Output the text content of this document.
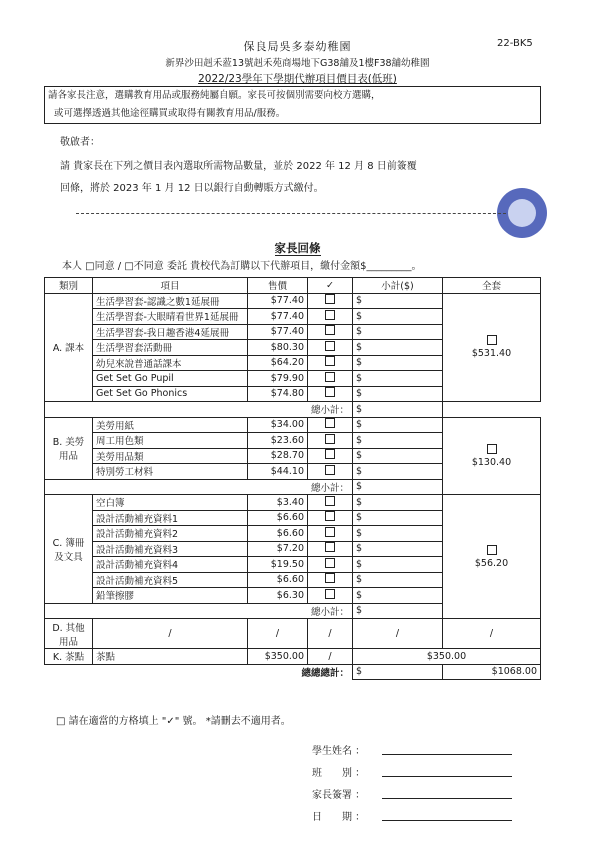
保良局吳多泰幼稚園	22-BK5
新界沙田赳禾蒞13號赳禾苑商場地下G38舖及1樓F38舖幼稚園
2022/23學年下學期代辦項目價目表(低班)
請各家長注意，選購教育用品或服務純屬自願。家長可按個別需要向校方選購，
或可選擇透過其他途徑購買或取得有關教育用品/服務。
敬啟者：
請 貴家長在下列之價目表內選取所需物品數量，並於 2022 年 12 月 8 日前簽覆
回條，將於 2023 年 1 月 12 日以銀行自動轉賬方式繳付。
家長回條
本人 □同意 / □不同意 委託 貴校代為訂購以下代辦項目，繳付金額$_________。
類別	項目	售價	✓	小計($)	全套
A. 課本	生活學習套-認識之數1延展冊	$77.40		$	$531.40
	生活學習套-大眼晴看世界1延展冊	$77.40		$	
	生活學習套-我日趣香港4延展冊	$77.40		$	
	生活學習套活動冊	$80.30		$	
	幼兒來說普通話課本	$64.20		$	
	Get Set Go Pupil	$79.90		$	
	Get Set Go Phonics	$74.80		$	
總小計：				$	
B. 美勞用品	美勞用紙	$34.00		$	$130.40
	周工用色類	$23.60		$	
	美勞用品類	$28.70		$	
	特別勞工材料	$44.10		$	
總小計：				$	
C. 簿冊及文具	空白簿	$3.40		$	$56.20
	設計活動補充資料1	$6.60		$	
	設計活動補充資料2	$6.60		$	
	設計活動補充資料3	$7.20		$	
	設計活動補充資料4	$19.50		$	
	設計活動補充資料5	$6.60		$	
	鉛筆擦膠	$6.30		$	
總小計：				$	
D. 其他用品	/	/	/	/	/
K. 茶點	茶點	$350.00	/	$350.00	
總總總計：				$	$1068.00
□ 請在適當的方格填上 "✓" 號。 *請刪去不適用者。
學生姓名 ：
班　　別 ：
家長簽署 ：
日　　期 ：
